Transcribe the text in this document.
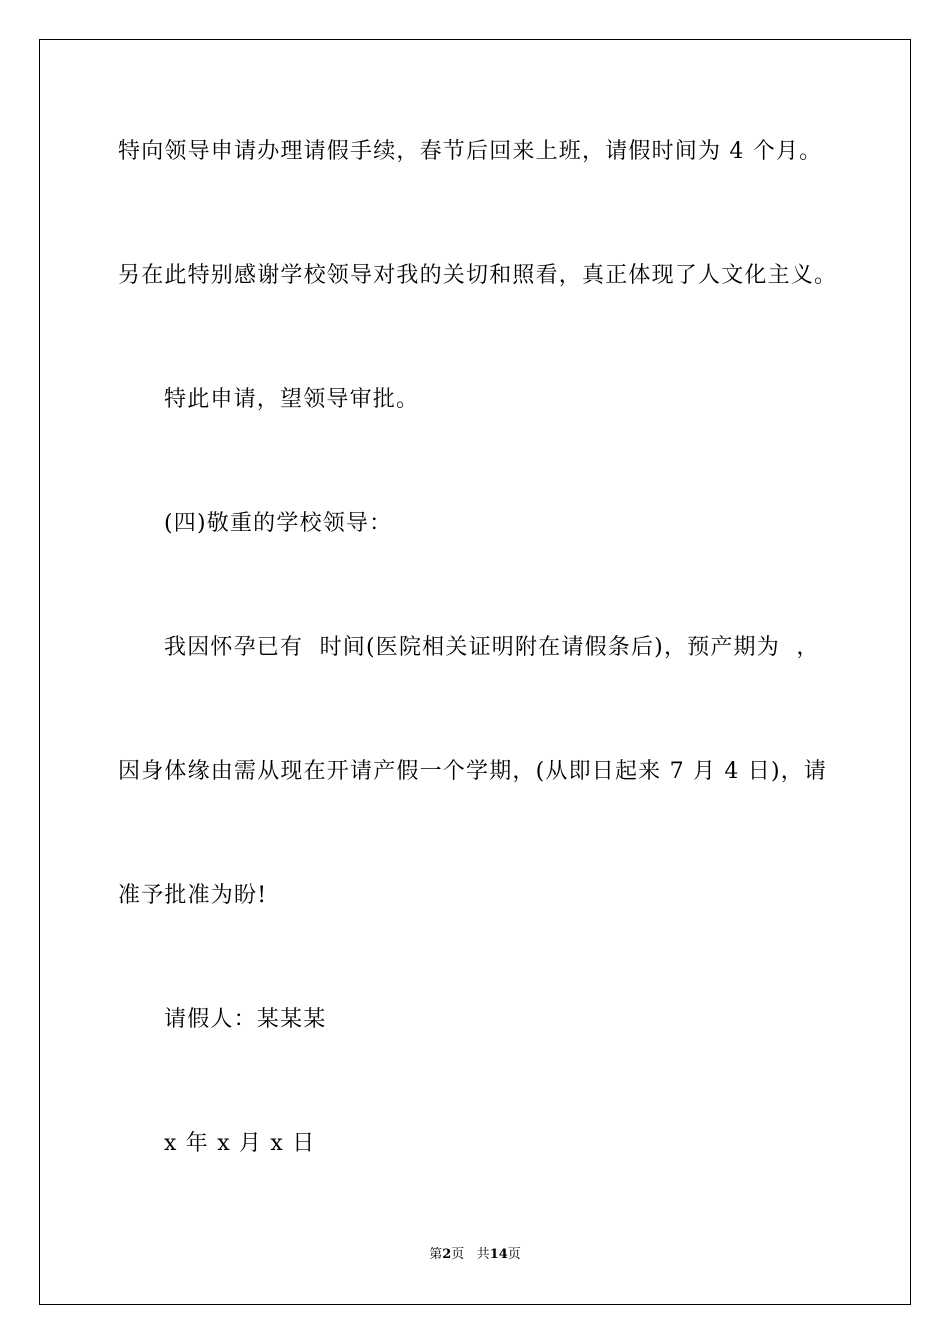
特向领导申请办理请假手续，春节后回来上班，请假时间为 4 个月。
另在此特别感谢学校领导对我的关切和照看，真正体现了人文化主义。
特此申请，望领导审批。
(四)敬重的学校领导：
我因怀孕已有  时间(医院相关证明附在请假条后)，预产期为  ，
因身体缘由需从现在开请产假一个学期，(从即日起来 7 月 4 日)，请
准予批准为盼!
请假人：某某某
x 年 x 月 x 日
第2页 共14页
